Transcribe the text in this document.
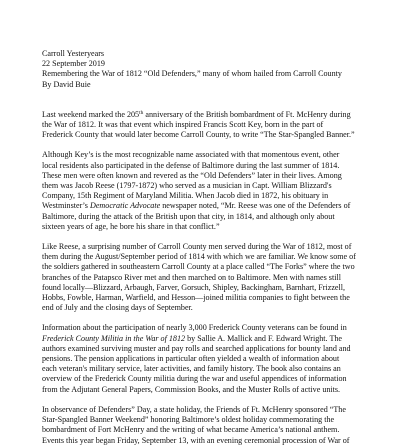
Carroll Yesteryears
22 September 2019
Remembering the War of 1812 “Old Defenders,” many of whom hailed from Carroll County
By David Buie

Last weekend marked the 205th anniversary of the British bombardment of Ft. McHenry during the War of 1812. It was that event which inspired Francis Scott Key, born in the part of Frederick County that would later become Carroll County, to write “The Star-Spangled Banner.”

Although Key’s is the most recognizable name associated with that momentous event, other local residents also participated in the defense of Baltimore during the last summer of 1814. These men were often known and revered as the “Old Defenders” later in their lives. Among them was Jacob Reese (1797-1872) who served as a musician in Capt. William Blizzard's Company, 15th Regiment of Maryland Militia. When Jacob died in 1872, his obituary in Westminster’s Democratic Advocate newspaper noted, “Mr. Reese was one of the Defenders of Baltimore, during the attack of the British upon that city, in 1814, and although only about sixteen years of age, he bore his share in that conflict.”

Like Reese, a surprising number of Carroll County men served during the War of 1812, most of them during the August/September period of 1814 with which we are familiar. We know some of the soldiers gathered in southeastern Carroll County at a place called “The Forks” where the two branches of the Patapsco River met and then marched on to Baltimore. Men with names still found locally—Blizzard, Arbaugh, Farver, Gorsuch, Shipley, Backingham, Barnhart, Frizzell, Hobbs, Fowble, Harman, Warfield, and Hesson—joined militia companies to fight between the end of July and the closing days of September.

Information about the participation of nearly 3,000 Frederick County veterans can be found in Frederick County Militia in the War of 1812 by Sallie A. Mallick and F. Edward Wright. The authors examined surviving muster and pay rolls and searched applications for bounty land and pensions. The pension applications in particular often yielded a wealth of information about each veteran's military service, later activities, and family history. The book also contains an overview of the Frederick County militia during the war and useful appendices of information from the Adjutant General Papers, Commission Books, and the Muster Rolls of active units.

In observance of Defenders” Day, a state holiday, the Friends of Ft. McHenry sponsored “The Star-Spangled Banner Weekend” honoring Baltimore’s oldest holiday commemorating the bombardment of Fort McHenry and the writing of what became America’s national anthem. Events this year began Friday, September 13, with an evening ceremonial procession of War of
